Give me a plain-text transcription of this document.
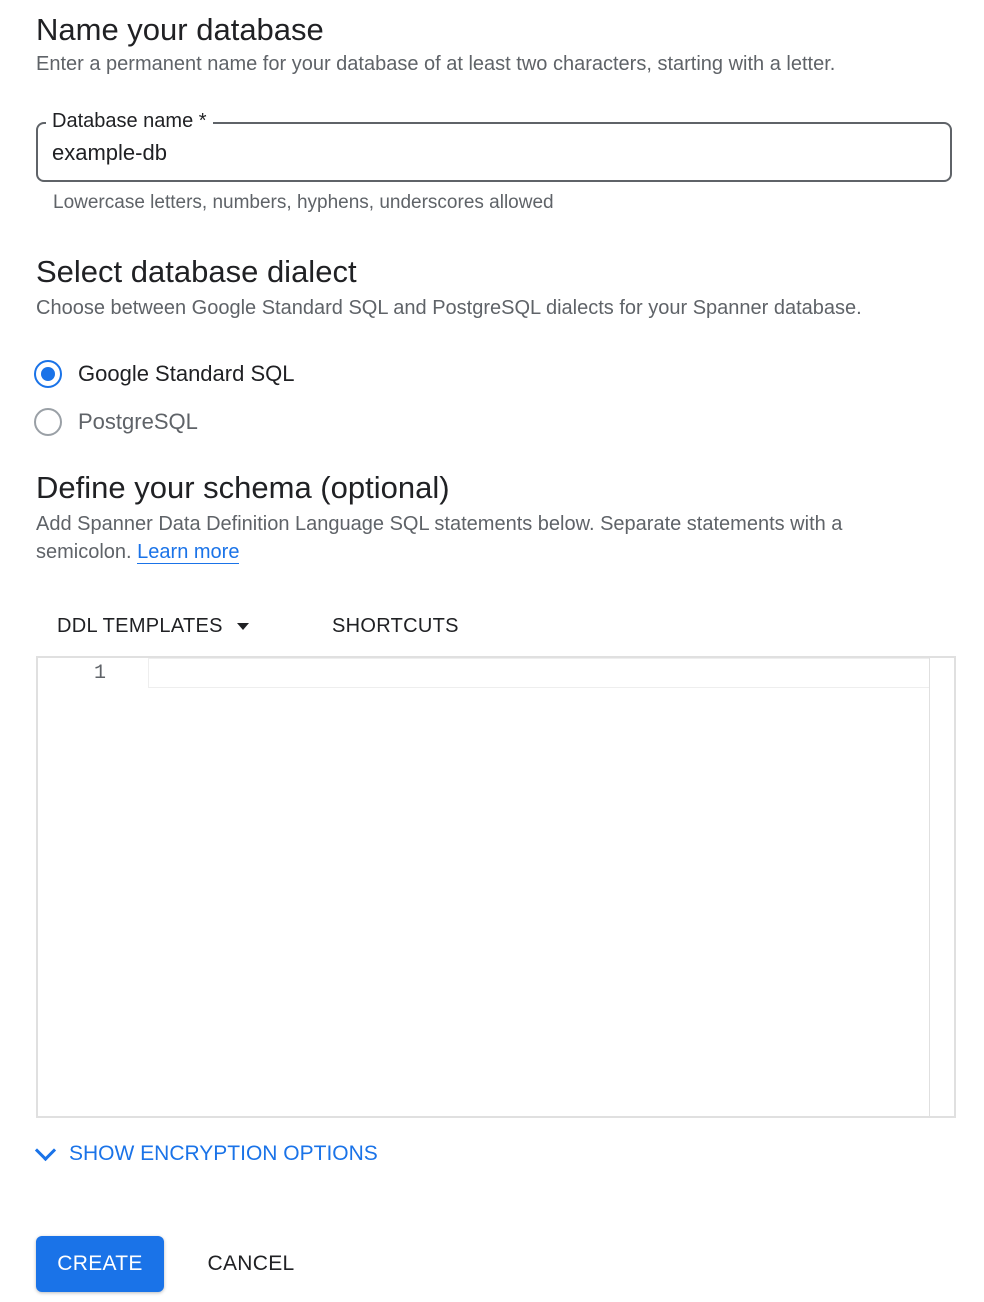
Name your database
Enter a permanent name for your database of at least two characters, starting with a letter.
Database name *
example-db
Lowercase letters, numbers, hyphens, underscores allowed
Select database dialect
Choose between Google Standard SQL and PostgreSQL dialects for your Spanner database.
Google Standard SQL
PostgreSQL
Define your schema (optional)
Add Spanner Data Definition Language SQL statements below. Separate statements with a semicolon. Learn more
DDL TEMPLATES	SHORTCUTS
1
SHOW ENCRYPTION OPTIONS
CREATE	CANCEL
